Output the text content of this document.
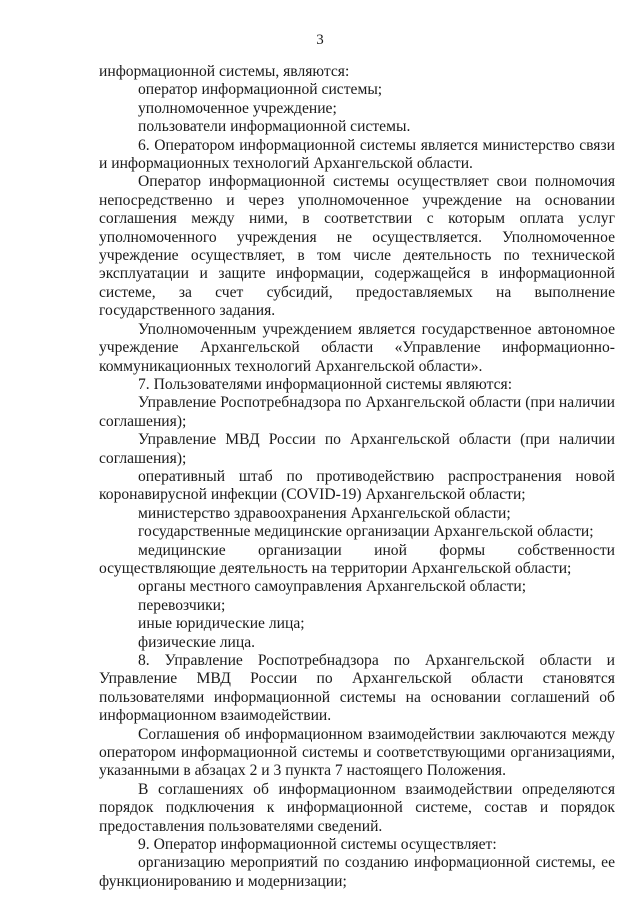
3

информационной системы, являются:

оператор информационной системы;

уполномоченное учреждение;

пользователи информационной системы.

6. Оператором информационной системы является министерство связи и информационных технологий Архангельской области.

Оператор информационной системы осуществляет свои полномочия непосредственно и через уполномоченное учреждение на основании соглашения между ними, в соответствии с которым оплата услуг уполномоченного учреждения не осуществляется. Уполномоченное учреждение осуществляет, в том числе деятельность по технической эксплуатации и защите информации, содержащейся в информационной системе, за счет субсидий, предоставляемых на выполнение государственного задания.

Уполномоченным учреждением является государственное автономное учреждение Архангельской области «Управление информационно-коммуникационных технологий Архангельской области».

7. Пользователями информационной системы являются:

Управление Роспотребнадзора по Архангельской области (при наличии соглашения);

Управление МВД России по Архангельской области (при наличии соглашения);

оперативный штаб по противодействию распространения новой коронавирусной инфекции (COVID-19) Архангельской области;

министерство здравоохранения Архангельской области;

государственные медицинские организации Архангельской области;

медицинские организации иной формы собственности осуществляющие деятельность на территории Архангельской области;

органы местного самоуправления Архангельской области;

перевозчики;

иные юридические лица;

физические лица.

8. Управление Роспотребнадзора по Архангельской области и Управление МВД России по Архангельской области становятся пользователями информационной системы на основании соглашений об информационном взаимодействии.

Соглашения об информационном взаимодействии заключаются между оператором информационной системы и соответствующими организациями, указанными в абзацах 2 и 3 пункта 7 настоящего Положения.

В соглашениях об информационном взаимодействии определяются порядок подключения к информационной системе, состав и порядок предоставления пользователями сведений.

9. Оператор информационной системы осуществляет:

организацию мероприятий по созданию информационной системы, ее функционированию и модернизации;
